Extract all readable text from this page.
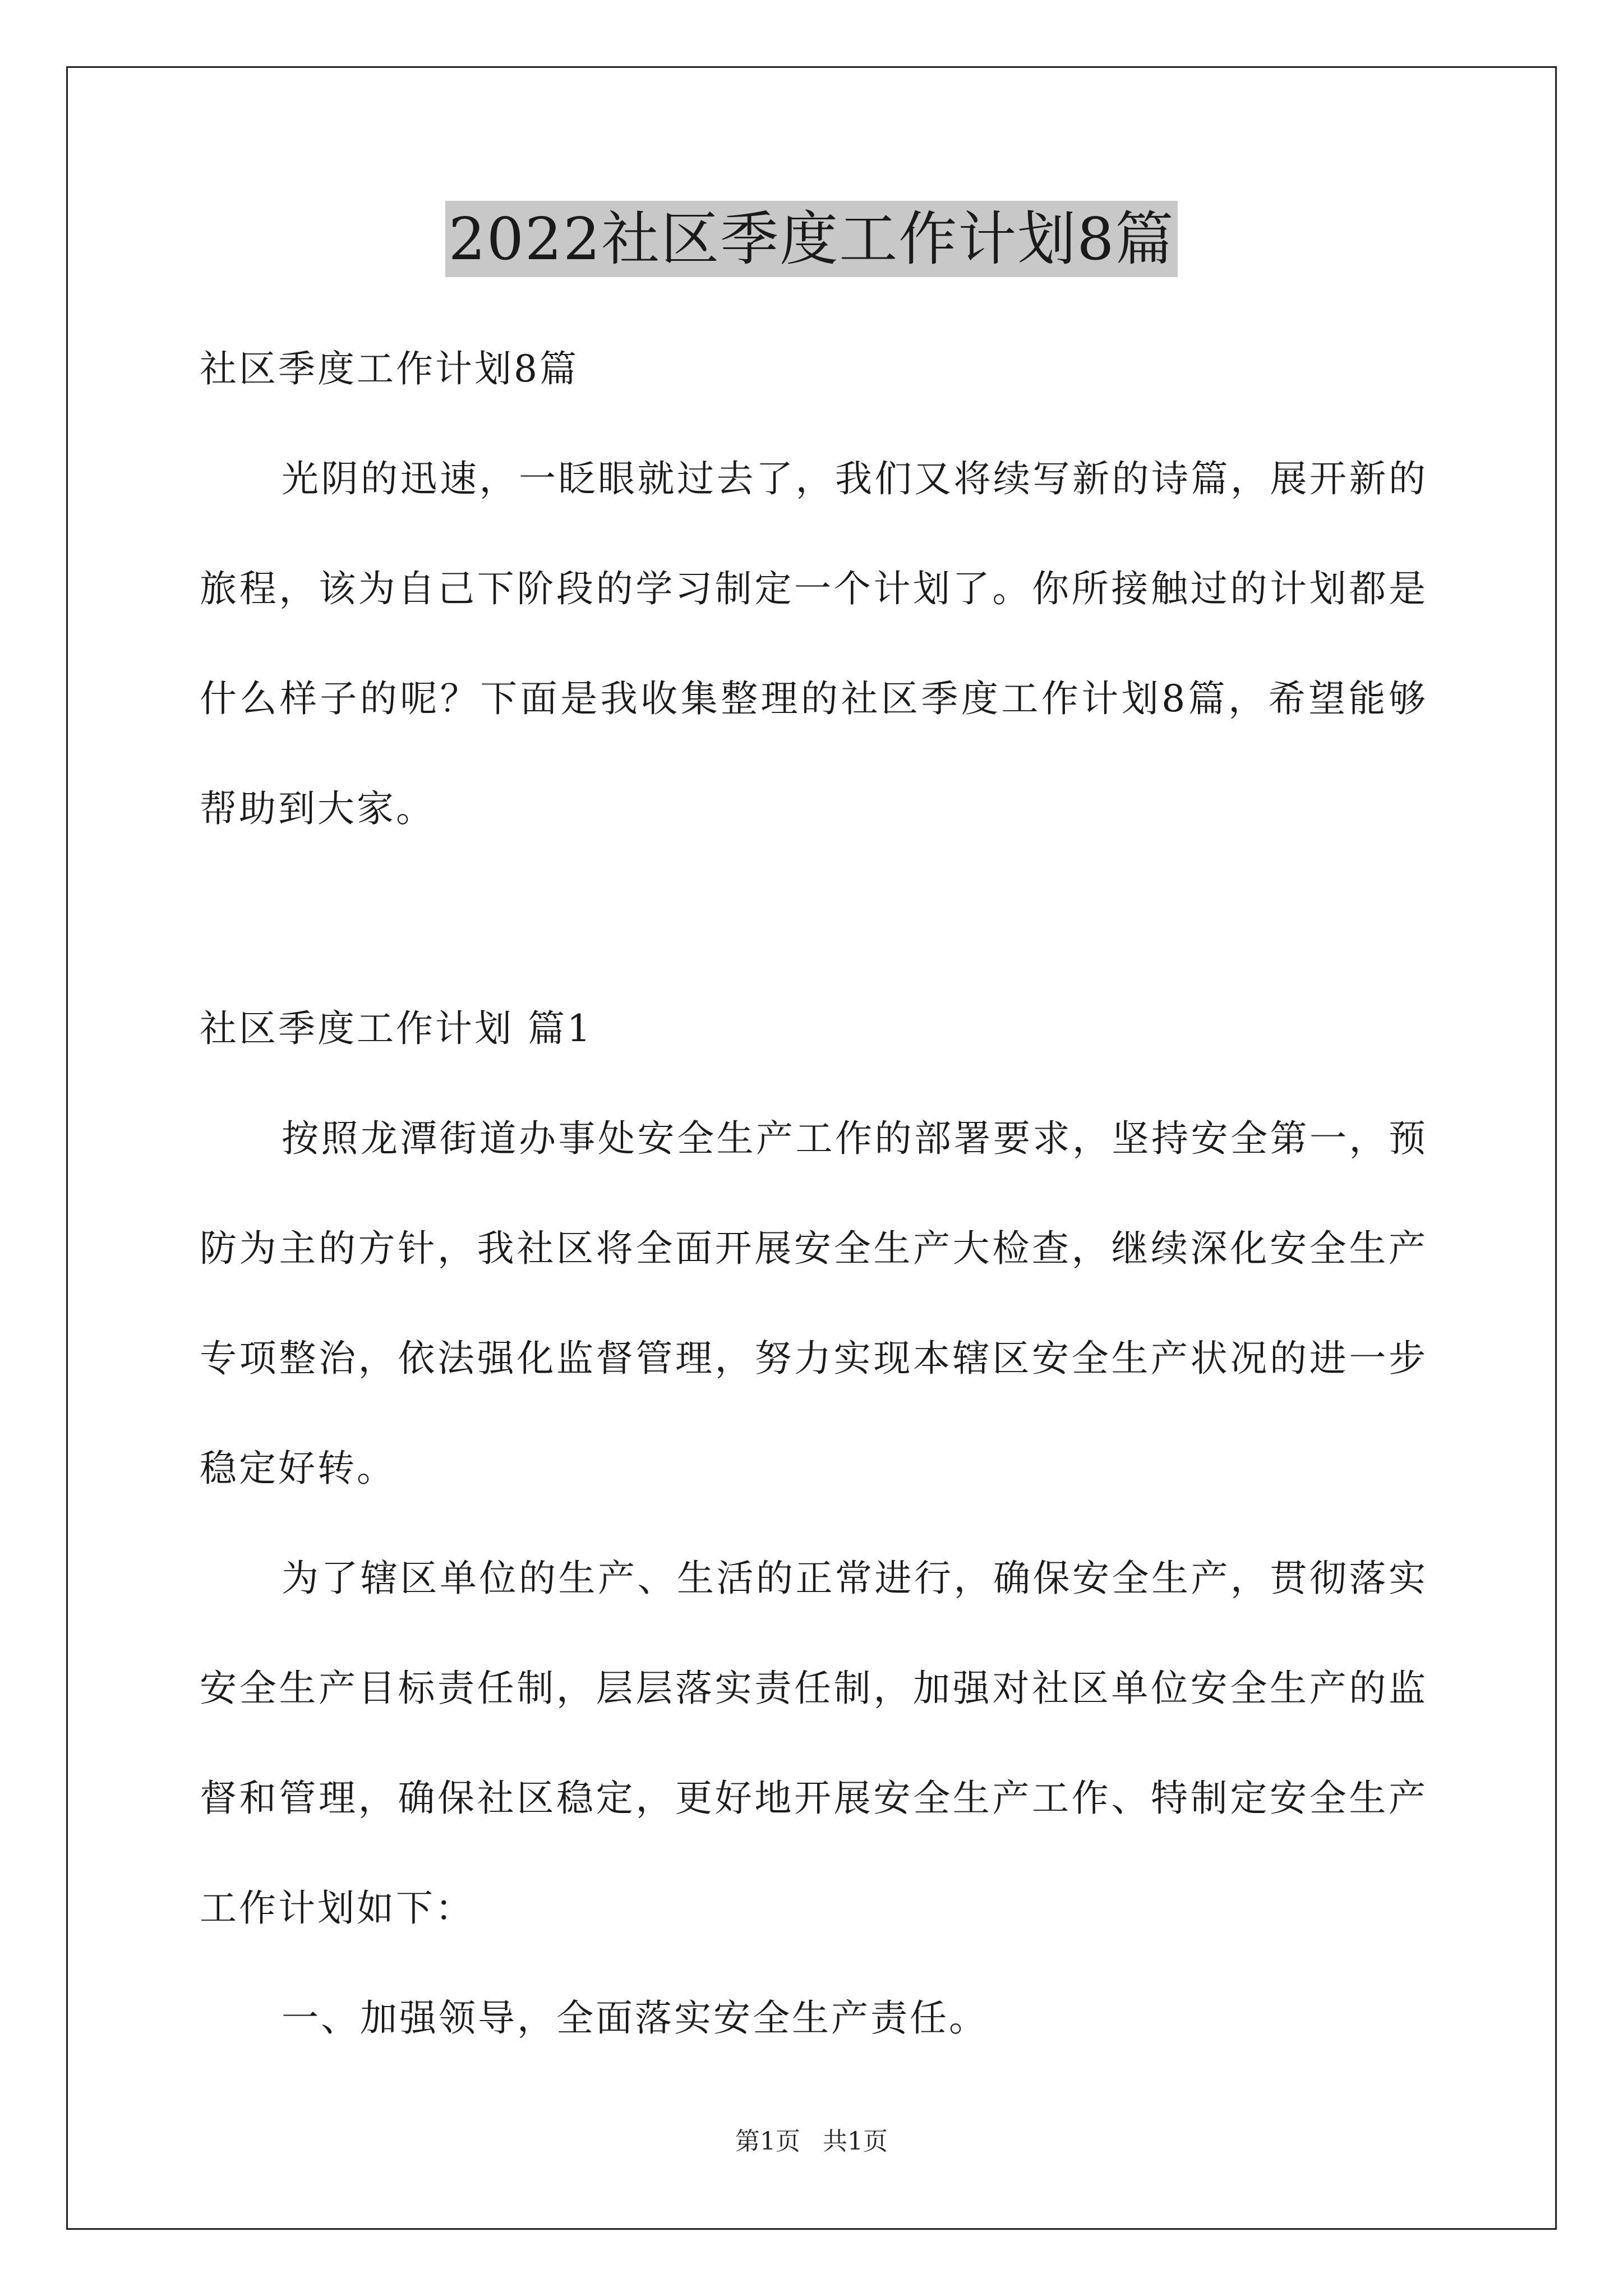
2022社区季度工作计划8篇

社区季度工作计划8篇

光阴的迅速，一眨眼就过去了，我们又将续写新的诗篇，展开新的旅程，该为自己下阶段的学习制定一个计划了。你所接触过的计划都是什么样子的呢？下面是我收集整理的社区季度工作计划8篇，希望能够帮助到大家。

社区季度工作计划 篇1

按照龙潭街道办事处安全生产工作的部署要求，坚持安全第一，预防为主的方针，我社区将全面开展安全生产大检查，继续深化安全生产专项整治，依法强化监督管理，努力实现本辖区安全生产状况的进一步稳定好转。

为了辖区单位的生产、生活的正常进行，确保安全生产，贯彻落实安全生产目标责任制，层层落实责任制，加强对社区单位安全生产的监督和管理，确保社区稳定，更好地开展安全生产工作、特制定安全生产工作计划如下：

一、加强领导，全面落实安全生产责任。

第1页 共1页
